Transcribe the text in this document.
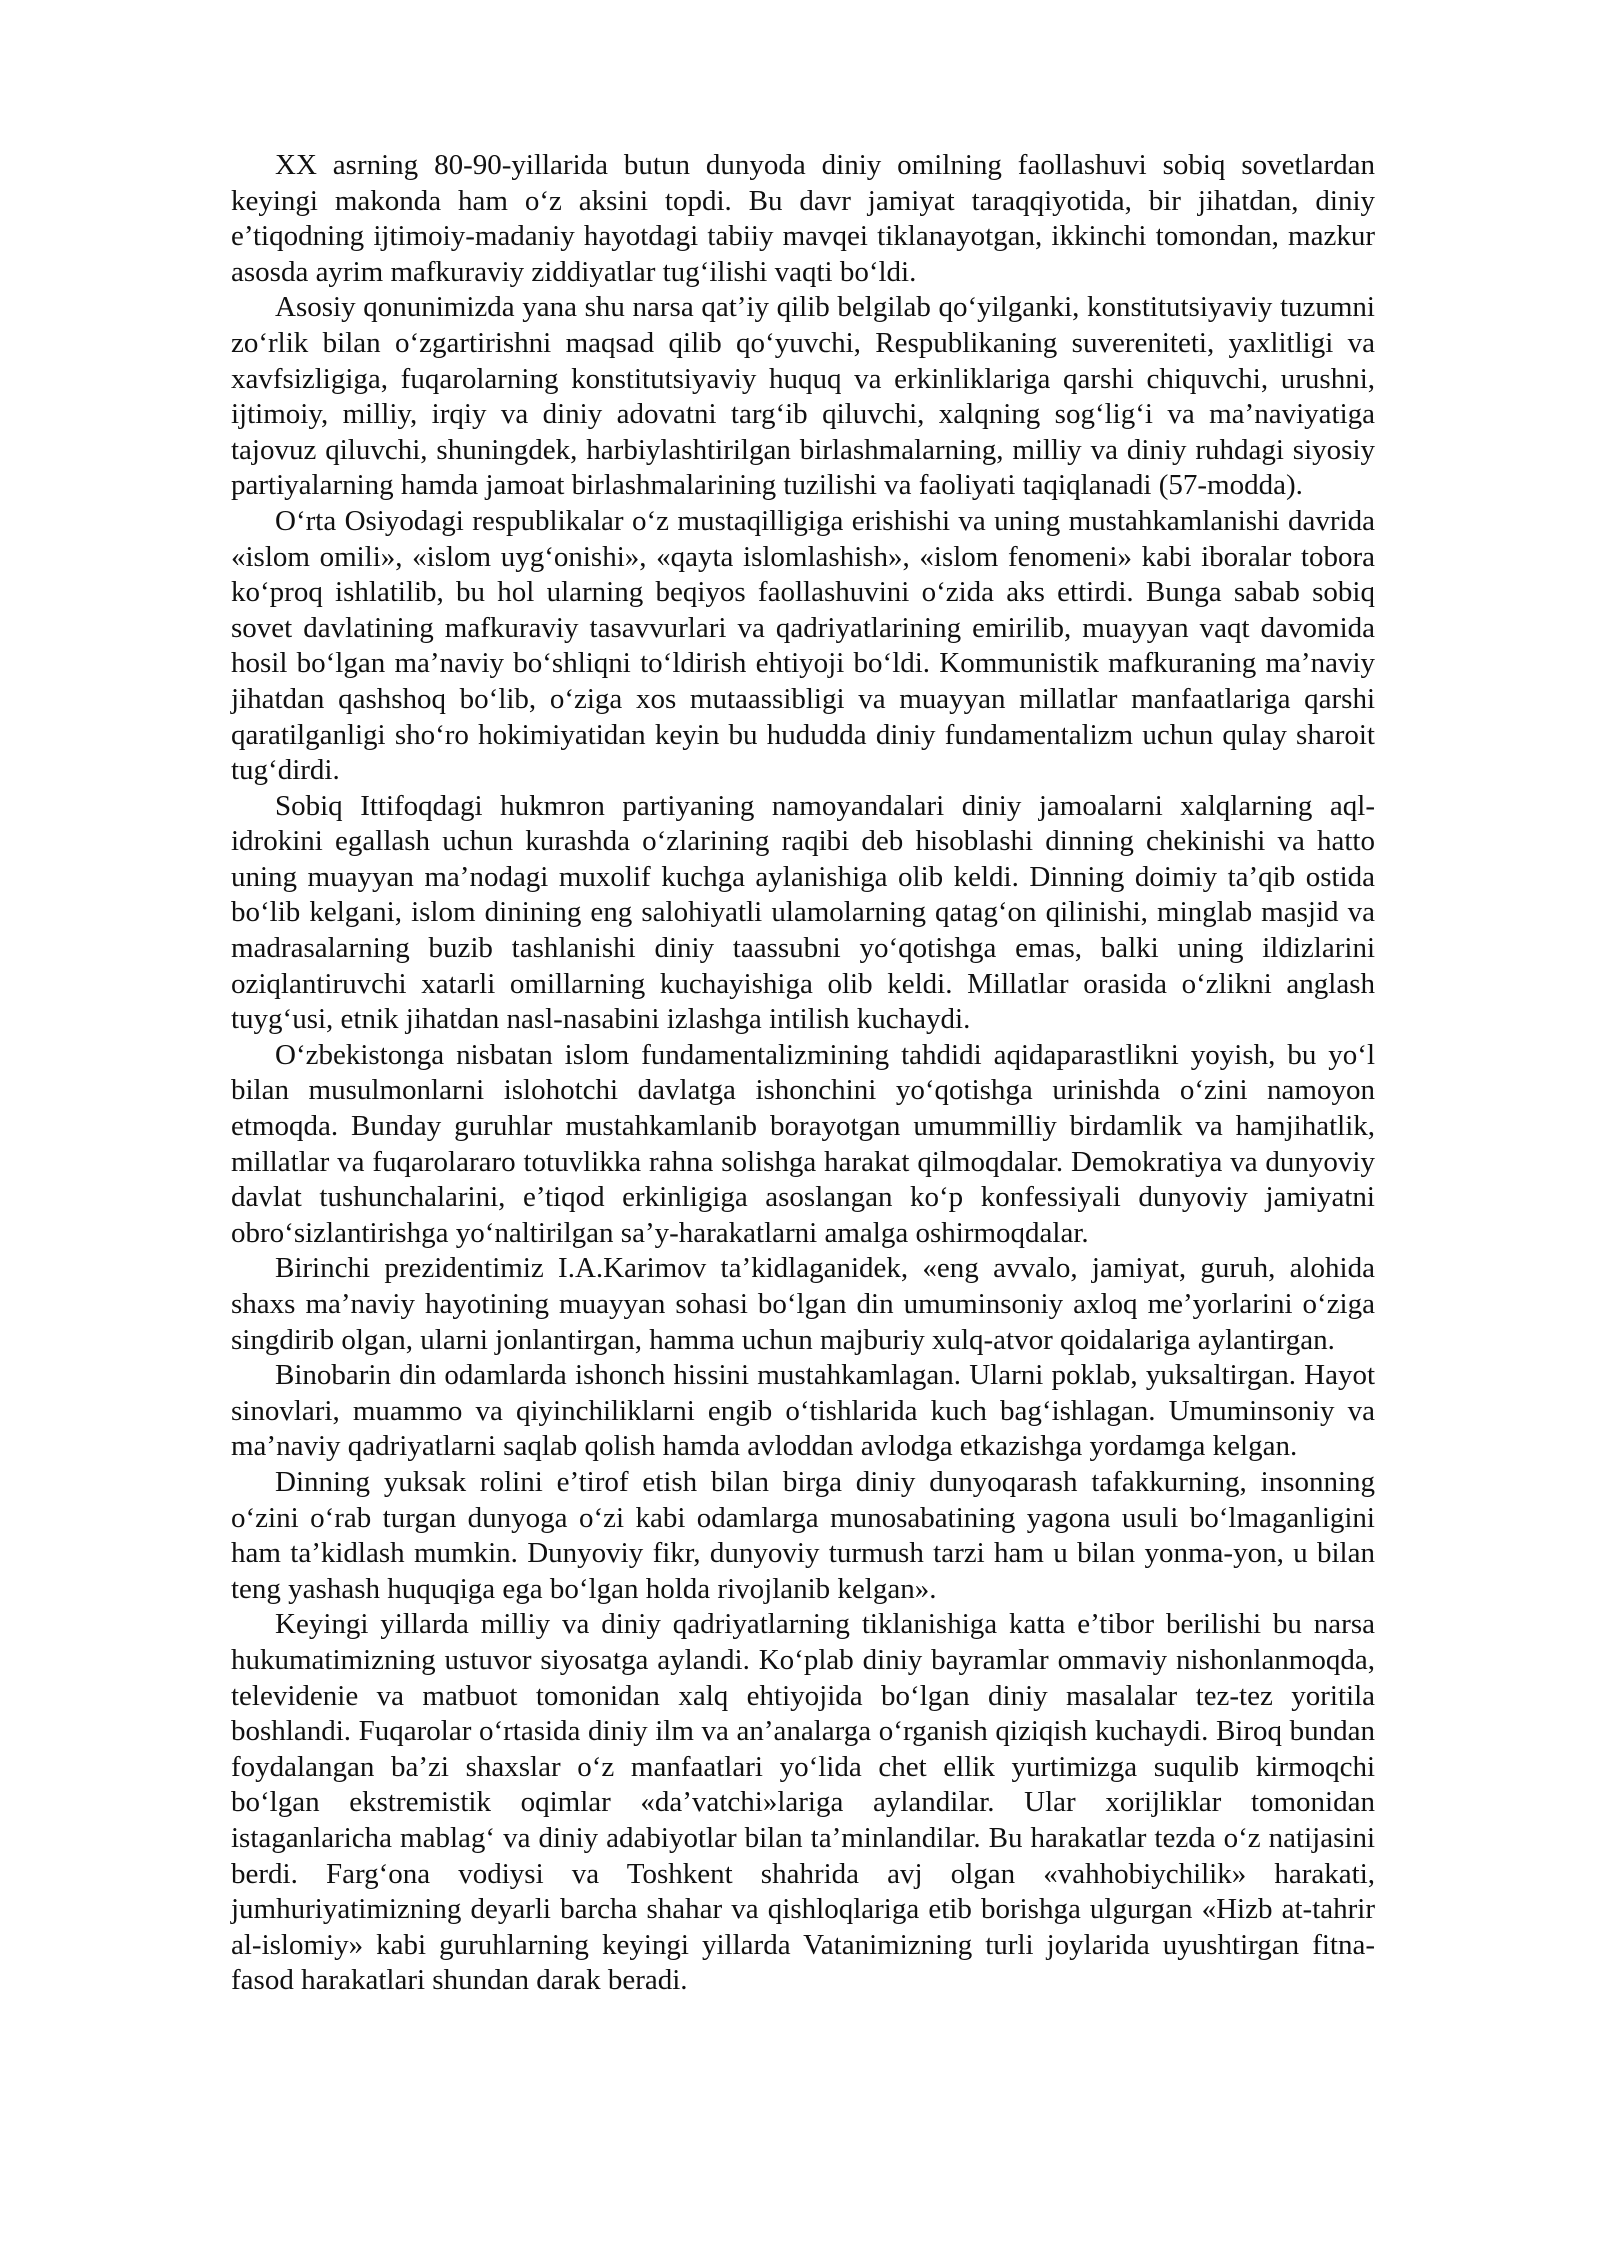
XX asrning 80-90-yillarida butun dunyoda diniy omilning faollashuvi sobiq sovetlardan keyingi makonda ham o‘z aksini topdi. Bu davr jamiyat taraqqiyotida, bir jihatdan, diniy e’tiqodning ijtimoiy-madaniy hayotdagi tabiiy mavqei tiklanayotgan, ikkinchi tomondan, mazkur asosda ayrim mafkuraviy ziddiyatlar tug‘ilishi vaqti bo‘ldi.

Asosiy qonunimizda yana shu narsa qat’iy qilib belgilab qo‘yilganki, konstitutsiyaviy tuzumni zo‘rlik bilan o‘zgartirishni maqsad qilib qo‘yuvchi, Respublikaning suvereniteti, yaxlitligi va xavfsizligiga, fuqarolarning konstitutsiyaviy huquq va erkinliklariga qarshi chiquvchi, urushni, ijtimoiy, milliy, irqiy va diniy adovatni targ‘ib qiluvchi, xalqning sog‘lig‘i va ma’naviyatiga tajovuz qiluvchi, shuningdek, harbiylashtirilgan birlashmalarning, milliy va diniy ruhdagi siyosiy partiyalarning hamda jamoat birlashmalarining tuzilishi va faoliyati taqiqlanadi (57-modda).

O‘rta Osiyodagi respublikalar o‘z mustaqilligiga erishishi va uning mustahkamlanishi davrida «islom omili», «islom uyg‘onishi», «qayta islomlashish», «islom fenomeni» kabi iboralar tobora ko‘proq ishlatilib, bu hol ularning beqiyos faollashuvini o‘zida aks ettirdi. Bunga sabab sobiq sovet davlatining mafkuraviy tasavvurlari va qadriyatlarining emirilib, muayyan vaqt davomida hosil bo‘lgan ma’naviy bo‘shliqni to‘ldirish ehtiyoji bo‘ldi. Kommunistik mafkuraning ma’naviy jihatdan qashshoq bo‘lib, o‘ziga xos mutaassibligi va muayyan millatlar manfaatlariga qarshi qaratilganligi sho‘ro hokimiyatidan keyin bu hududda diniy fundamentalizm uchun qulay sharoit tug‘dirdi.

Sobiq Ittifoqdagi hukmron partiyaning namoyandalari diniy jamoalarni xalqlarning aql-idrokini egallash uchun kurashda o‘zlarining raqibi deb hisoblashi dinning chekinishi va hatto uning muayyan ma’nodagi muxolif kuchga aylanishiga olib keldi. Dinning doimiy ta’qib ostida bo‘lib kelgani, islom dinining eng salohiyatli ulamolarning qatag‘on qilinishi, minglab masjid va madrasalarning buzib tashlanishi diniy taassubni yo‘qotishga emas, balki uning ildizlarini oziqlantiruvchi xatarli omillarning kuchayishiga olib keldi. Millatlar orasida o‘zlikni anglash tuyg‘usi, etnik jihatdan nasl-nasabini izlashga intilish kuchaydi.

O‘zbekistonga nisbatan islom fundamentalizmining tahdidi aqidaparastlikni yoyish, bu yo‘l bilan musulmonlarni islohotchi davlatga ishonchini yo‘qotishga urinishda o‘zini namoyon etmoqda. Bunday guruhlar mustahkamlanib borayotgan umummilliy birdamlik va hamjihatlik, millatlar va fuqarolararo totuvlikka rahna solishga harakat qilmoqdalar. Demokratiya va dunyoviy davlat tushunchalarini, e’tiqod erkinligiga asoslangan ko‘p konfessiyali dunyoviy jamiyatni obro‘sizlantirishga yo‘naltirilgan sa’y-harakatlarni amalga oshirmoqdalar.

Birinchi prezidentimiz I.A.Karimov ta’kidlaganidek, «eng avvalo, jamiyat, guruh, alohida shaxs ma’naviy hayotining muayyan sohasi bo‘lgan din umuminsoniy axloq me’yorlarini o‘ziga singdirib olgan, ularni jonlantirgan, hamma uchun majburiy xulq-atvor qoidalariga aylantirgan.

Binobarin din odamlarda ishonch hissini mustahkamlagan. Ularni poklab, yuksaltirgan. Hayot sinovlari, muammo va qiyinchiliklarni engib o‘tishlarida kuch bag‘ishlagan. Umuminsoniy va ma’naviy qadriyatlarni saqlab qolish hamda avloddan avlodga etkazishga yordamga kelgan.

Dinning yuksak rolini e’tirof etish bilan birga diniy dunyoqarash tafakkurning, insonning o‘zini o‘rab turgan dunyoga o‘zi kabi odamlarga munosabatining yagona usuli bo‘lmaganligini ham ta’kidlash mumkin. Dunyoviy fikr, dunyoviy turmush tarzi ham u bilan yonma-yon, u bilan teng yashash huquqiga ega bo‘lgan holda rivojlanib kelgan».

Keyingi yillarda milliy va diniy qadriyatlarning tiklanishiga katta e’tibor berilishi bu narsa hukumatimizning ustuvor siyosatga aylandi. Ko‘plab diniy bayramlar ommaviy nishonlanmoqda, televidenie va matbuot tomonidan xalq ehtiyojida bo‘lgan diniy masalalar tez-tez yoritila boshlandi. Fuqarolar o‘rtasida diniy ilm va an’analarga o‘rganish qiziqish kuchaydi. Biroq bundan foydalangan ba’zi shaxslar o‘z manfaatlari yo‘lida chet ellik yurtimizga suqulib kirmoqchi bo‘lgan ekstremistik oqimlar «da’vatchi»lariga aylandilar. Ular xorijliklar tomonidan istaganlaricha mablag‘ va diniy adabiyotlar bilan ta’minlandilar. Bu harakatlar tezda o‘z natijasini berdi. Farg‘ona vodiysi va Toshkent shahrida avj olgan «vahhobiychilik» harakati, jumhuriyatimizning deyarli barcha shahar va qishloqlariga etib borishga ulgurgan «Hizb at-tahrir al-islomiy» kabi guruhlarning keyingi yillarda Vatanimizning turli joylarida uyushtirgan fitna-fasod harakatlari shundan darak beradi.
